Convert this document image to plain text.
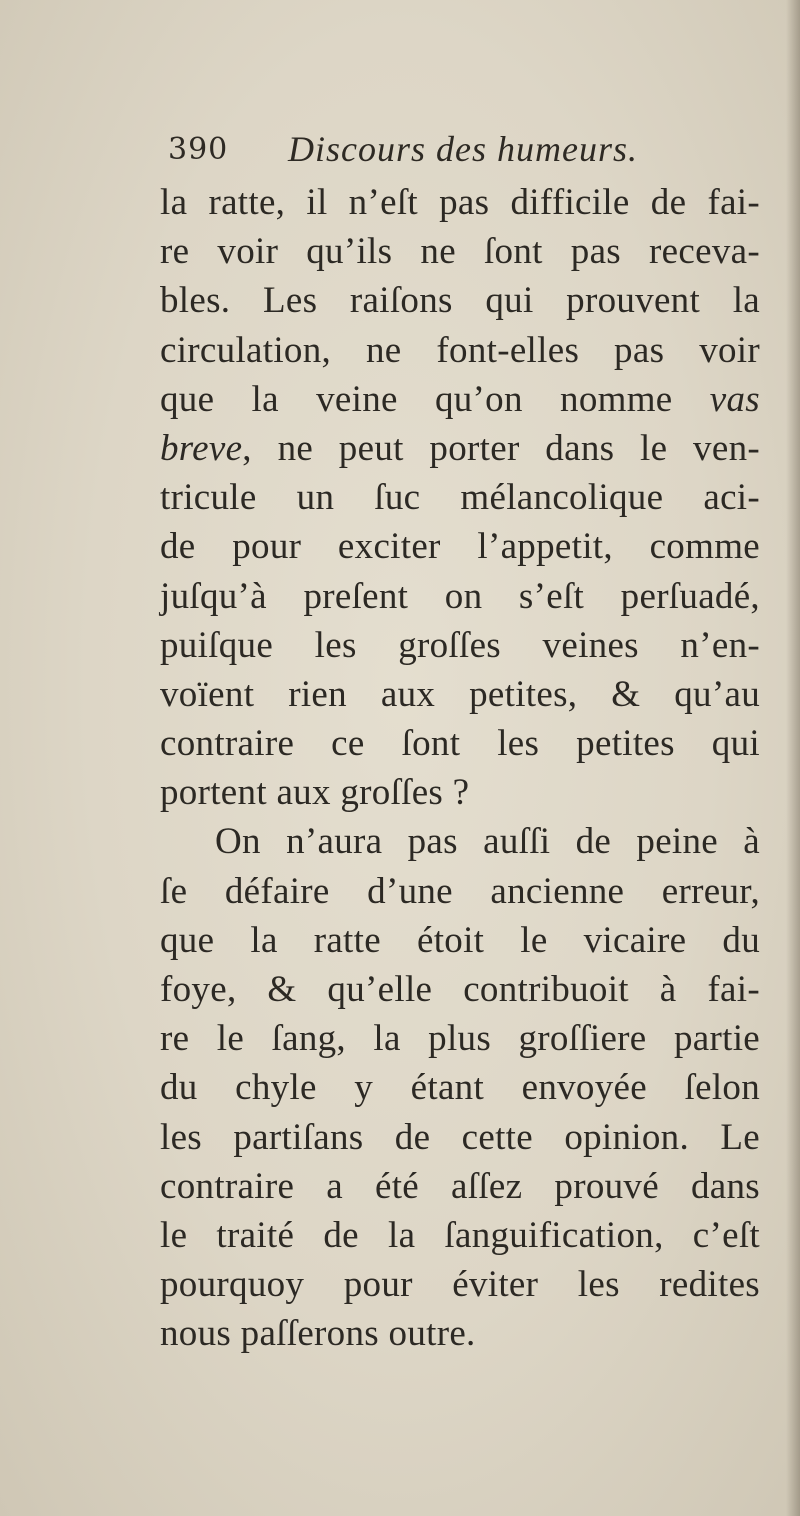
390 Discours des humeurs.
la ratte, il n’eſt pas difficile de fai-
re voir qu’ils ne ſont pas receva-
bles. Les raiſons qui prouvent la
circulation, ne font-elles pas voir
que la veine qu’on nomme vas
breve, ne peut porter dans le ven-
tricule un ſuc mélancolique aci-
de pour exciter l’appetit, comme
juſqu’à preſent on s’eſt perſuadé,
puiſque les groſſes veines n’en-
voïent rien aux petites, & qu’au
contraire ce ſont les petites qui
portent aux groſſes ?
On n’aura pas auſſi de peine à
ſe défaire d’une ancienne erreur,
que la ratte étoit le vicaire du
foye, & qu’elle contribuoit à fai-
re le ſang, la plus groſſiere partie
du chyle y étant envoyée ſelon
les partiſans de cette opinion. Le
contraire a été aſſez prouvé dans
le traité de la ſanguification, c’eſt
pourquoy pour éviter les redites
nous paſſerons outre.
